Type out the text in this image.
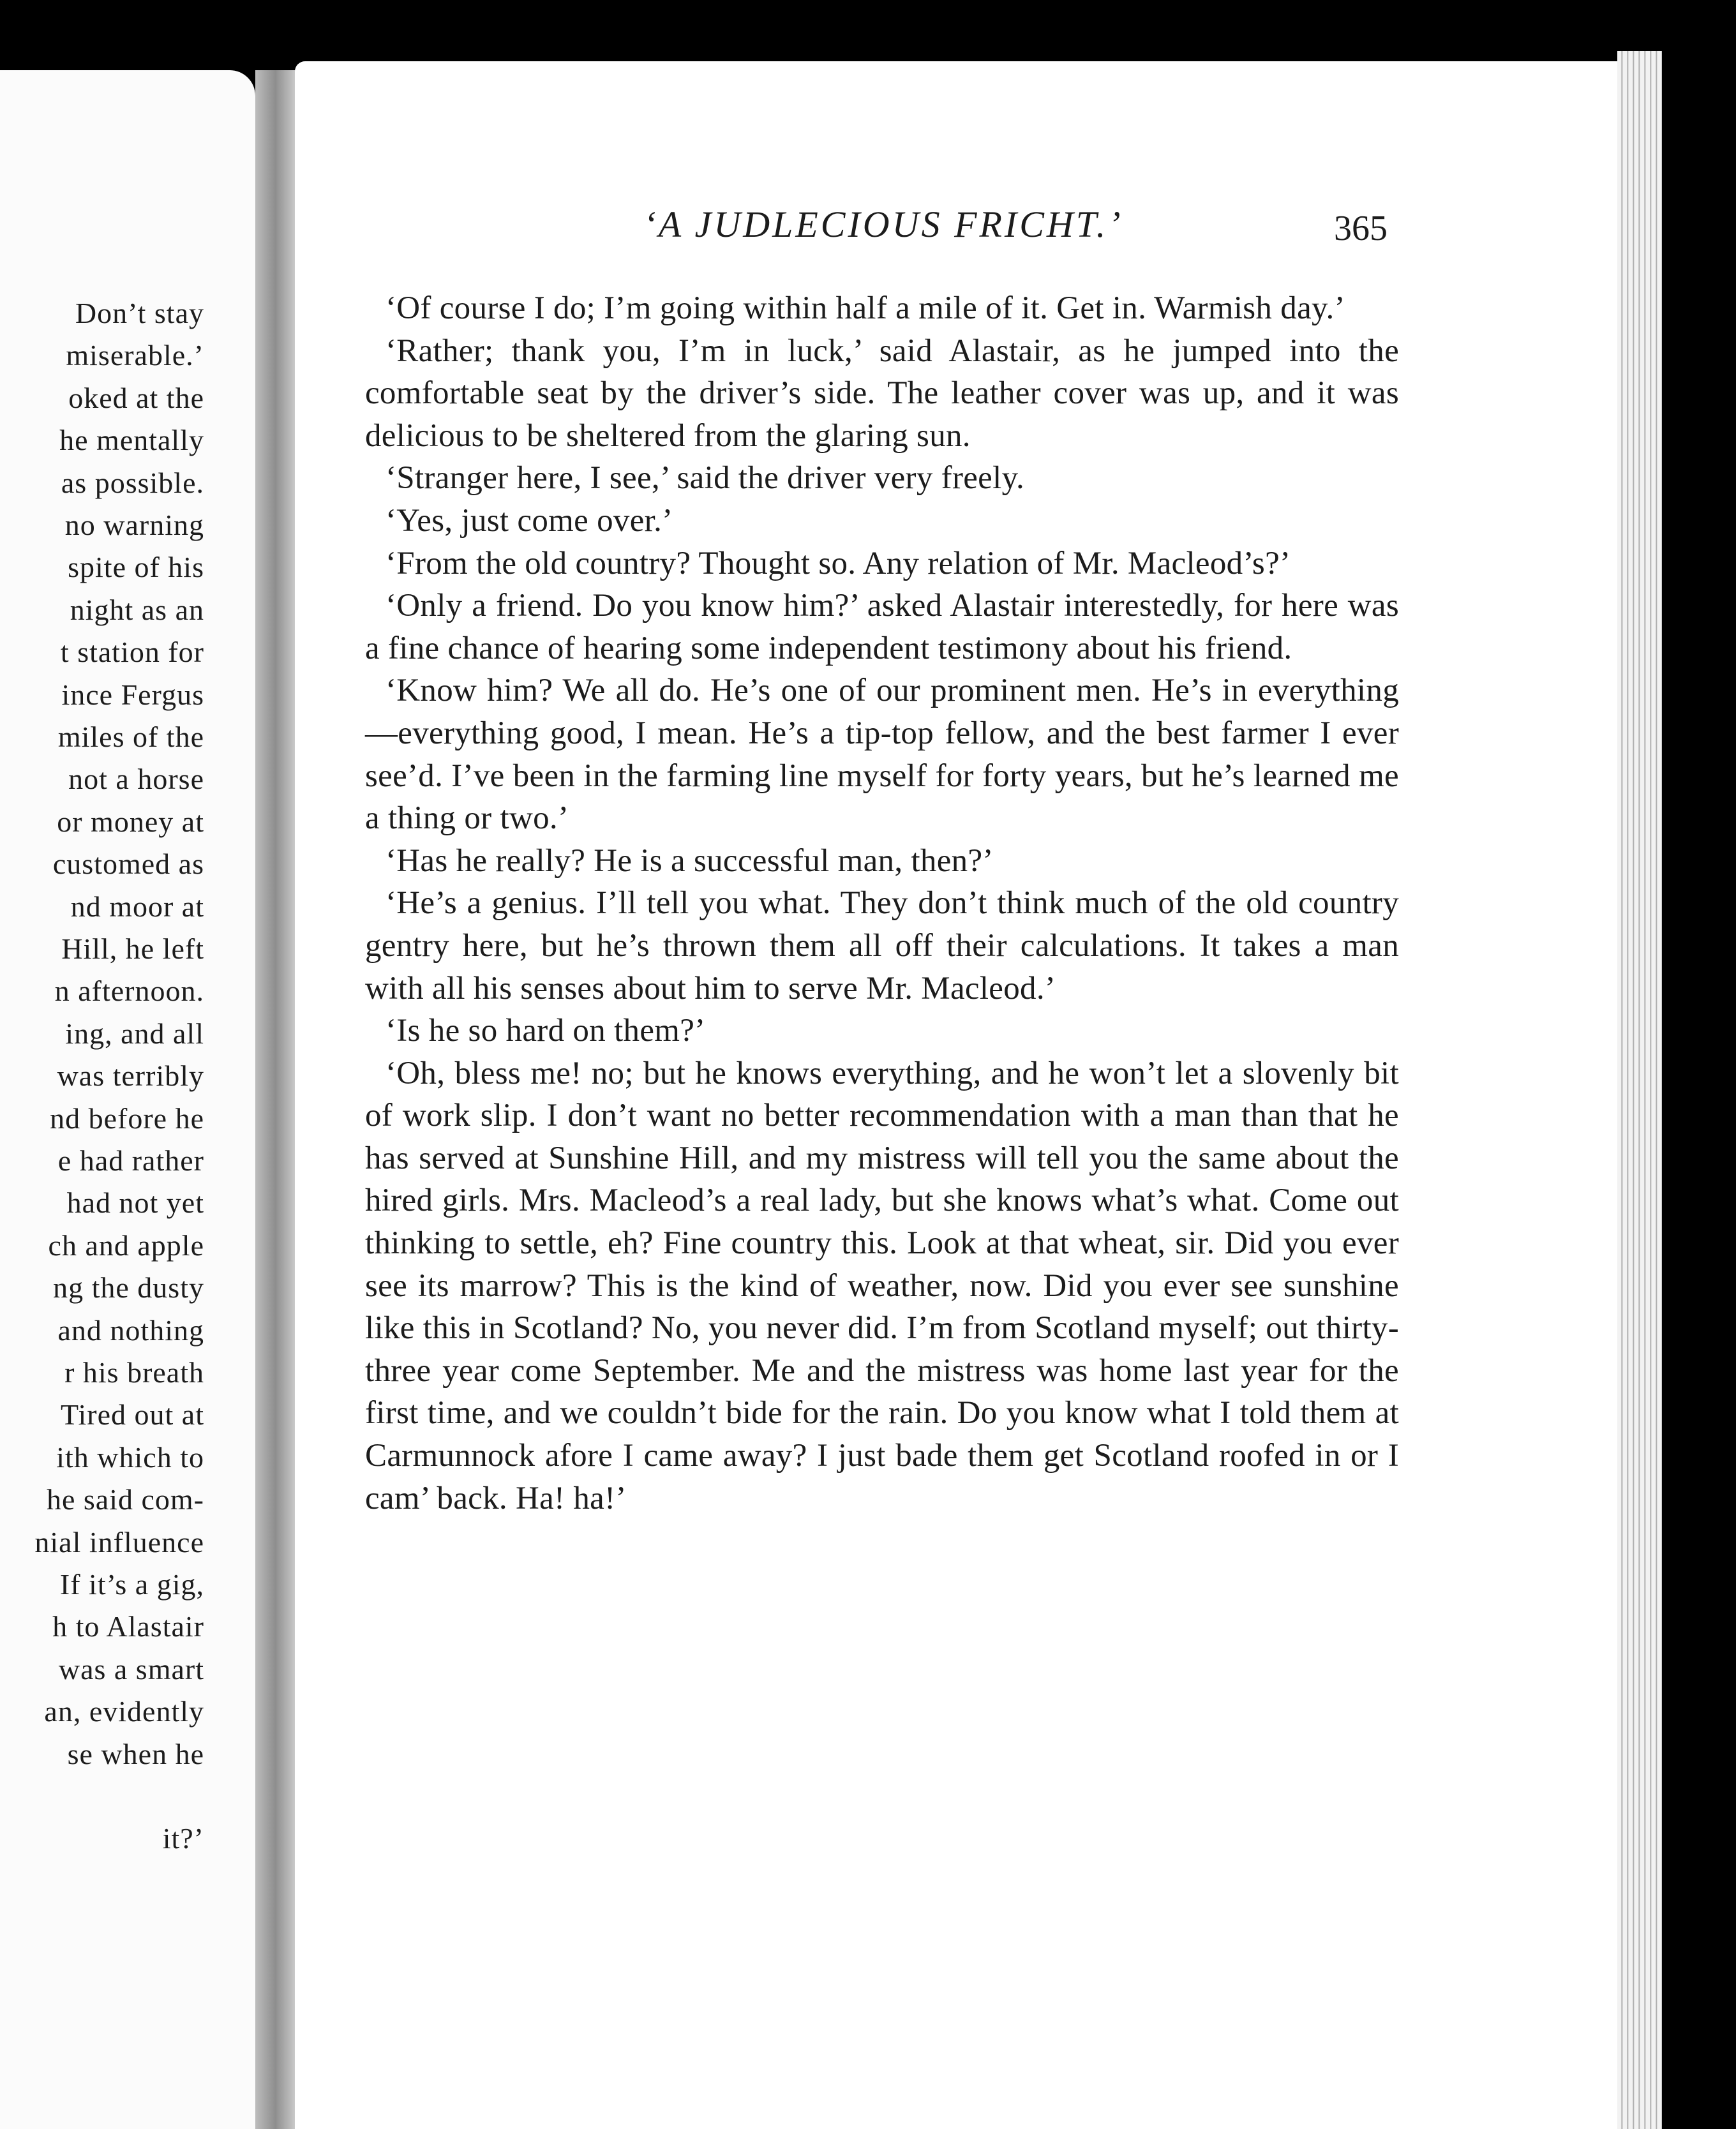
Don’t stay
miserable.’
oked at the
he mentally
as possible.
no warning
spite of his
night as an
t station for
ince Fergus
miles of the
not a horse
or money at
customed as
nd moor at
Hill, he left
n afternoon.
ing, and all
was terribly
nd before he
e had rather
had not yet
ch and apple
ng the dusty
and nothing
r his breath
Tired out at
ith which to
he said com-
nial influence
If it’s a gig,
h to Alastair
was a smart
an, evidently
se when he
it?’
‘A JUDLECIOUS FRICHT.’	365

‘Of course I do; I’m going within half a mile of it. Get in. Warmish day.’

‘Rather; thank you, I’m in luck,’ said Alastair, as he jumped into the comfortable seat by the driver’s side. The leather cover was up, and it was delicious to be sheltered from the glaring sun.

‘Stranger here, I see,’ said the driver very freely.

‘Yes, just come over.’

‘From the old country? Thought so. Any relation of Mr. Macleod’s?’

‘Only a friend. Do you know him?’ asked Alastair interestedly, for here was a fine chance of hearing some independent testimony about his friend.

‘Know him? We all do. He’s one of our prominent men. He’s in everything—everything good, I mean. He’s a tip-top fellow, and the best farmer I ever see’d. I’ve been in the farming line myself for forty years, but he’s learned me a thing or two.’

‘Has he really? He is a successful man, then?’

‘He’s a genius. I’ll tell you what. They don’t think much of the old country gentry here, but he’s thrown them all off their calculations. It takes a man with all his senses about him to serve Mr. Macleod.’

‘Is he so hard on them?’

‘Oh, bless me! no; but he knows everything, and he won’t let a slovenly bit of work slip. I don’t want no better recommendation with a man than that he has served at Sunshine Hill, and my mistress will tell you the same about the hired girls. Mrs. Macleod’s a real lady, but she knows what’s what. Come out thinking to settle, eh? Fine country this. Look at that wheat, sir. Did you ever see its marrow? This is the kind of weather, now. Did you ever see sunshine like this in Scotland? No, you never did. I’m from Scotland myself; out thirty-three year come September. Me and the mistress was home last year for the first time, and we couldn’t bide for the rain. Do you know what I told them at Carmunnock afore I came away? I just bade them get Scotland roofed in or I cam’ back. Ha! ha!’
